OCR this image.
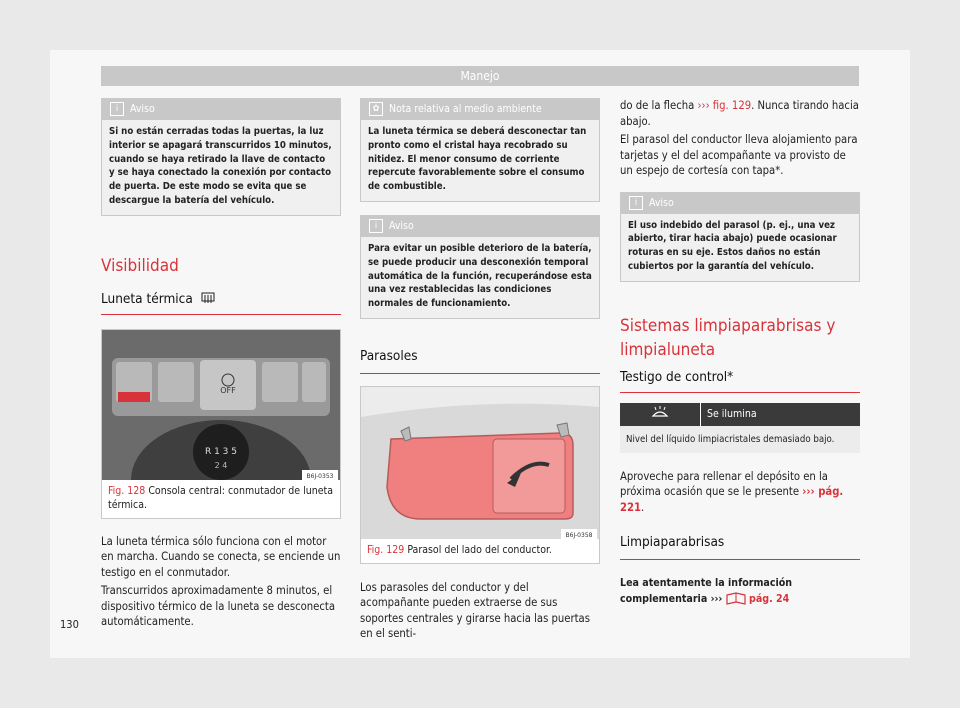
Manejo
i Aviso
Si no están cerradas todas la puertas, la luz interior se apagará transcurridos 10 minutos, cuando se haya retirado la llave de contacto y se haya conectado la conexión por contacto de puerta. De este modo se evita que se descargue la batería del vehículo.
Visibilidad
Luneta térmica
OFF
R 1 3 5
2 4
B6J-0353
Fig. 128 Consola central: conmutador de luneta térmica.

La luneta térmica sólo funciona con el motor en marcha. Cuando se conecta, se enciende un testigo en el conmutador.

Transcurridos aproximadamente 8 minutos, el dispositivo térmico de la luneta se desconecta automáticamente.

✿ Nota relativa al medio ambiente
La luneta térmica se deberá desconectar tan pronto como el cristal haya recobrado su nitidez. El menor consumo de corriente repercute favorablemente sobre el consumo de combustible.
i Aviso
Para evitar un posible deterioro de la batería, se puede producir una desconexión temporal automática de la función, recuperándose esta una vez restablecidas las condiciones normales de funcionamiento.
Parasoles
B6J-0358
Fig. 129 Parasol del lado del conductor.

Los parasoles del conductor y del acompañante pueden extraerse de sus soportes centrales y girarse hacia las puertas en el senti-

do de la flecha ››› fig. 129. Nunca tirando hacia abajo.

El parasol del conductor lleva alojamiento para tarjetas y el del acompañante va provisto de un espejo de cortesía con tapa*.

i Aviso
El uso indebido del parasol (p. ej., una vez abierto, tirar hacia abajo) puede ocasionar roturas en su eje. Estos daños no están cubiertos por la garantía del vehículo.
Sistemas limpiaparabrisas y limpialuneta
Testigo de control*
	Se ilumina
Nivel del líquido limpiacristales demasiado bajo.

Aproveche para rellenar el depósito en la próxima ocasión que se le presente ››› pág. 221.

Limpiaparabrisas

Lea atentamente la información complementaria ›››	pág. 24

130
